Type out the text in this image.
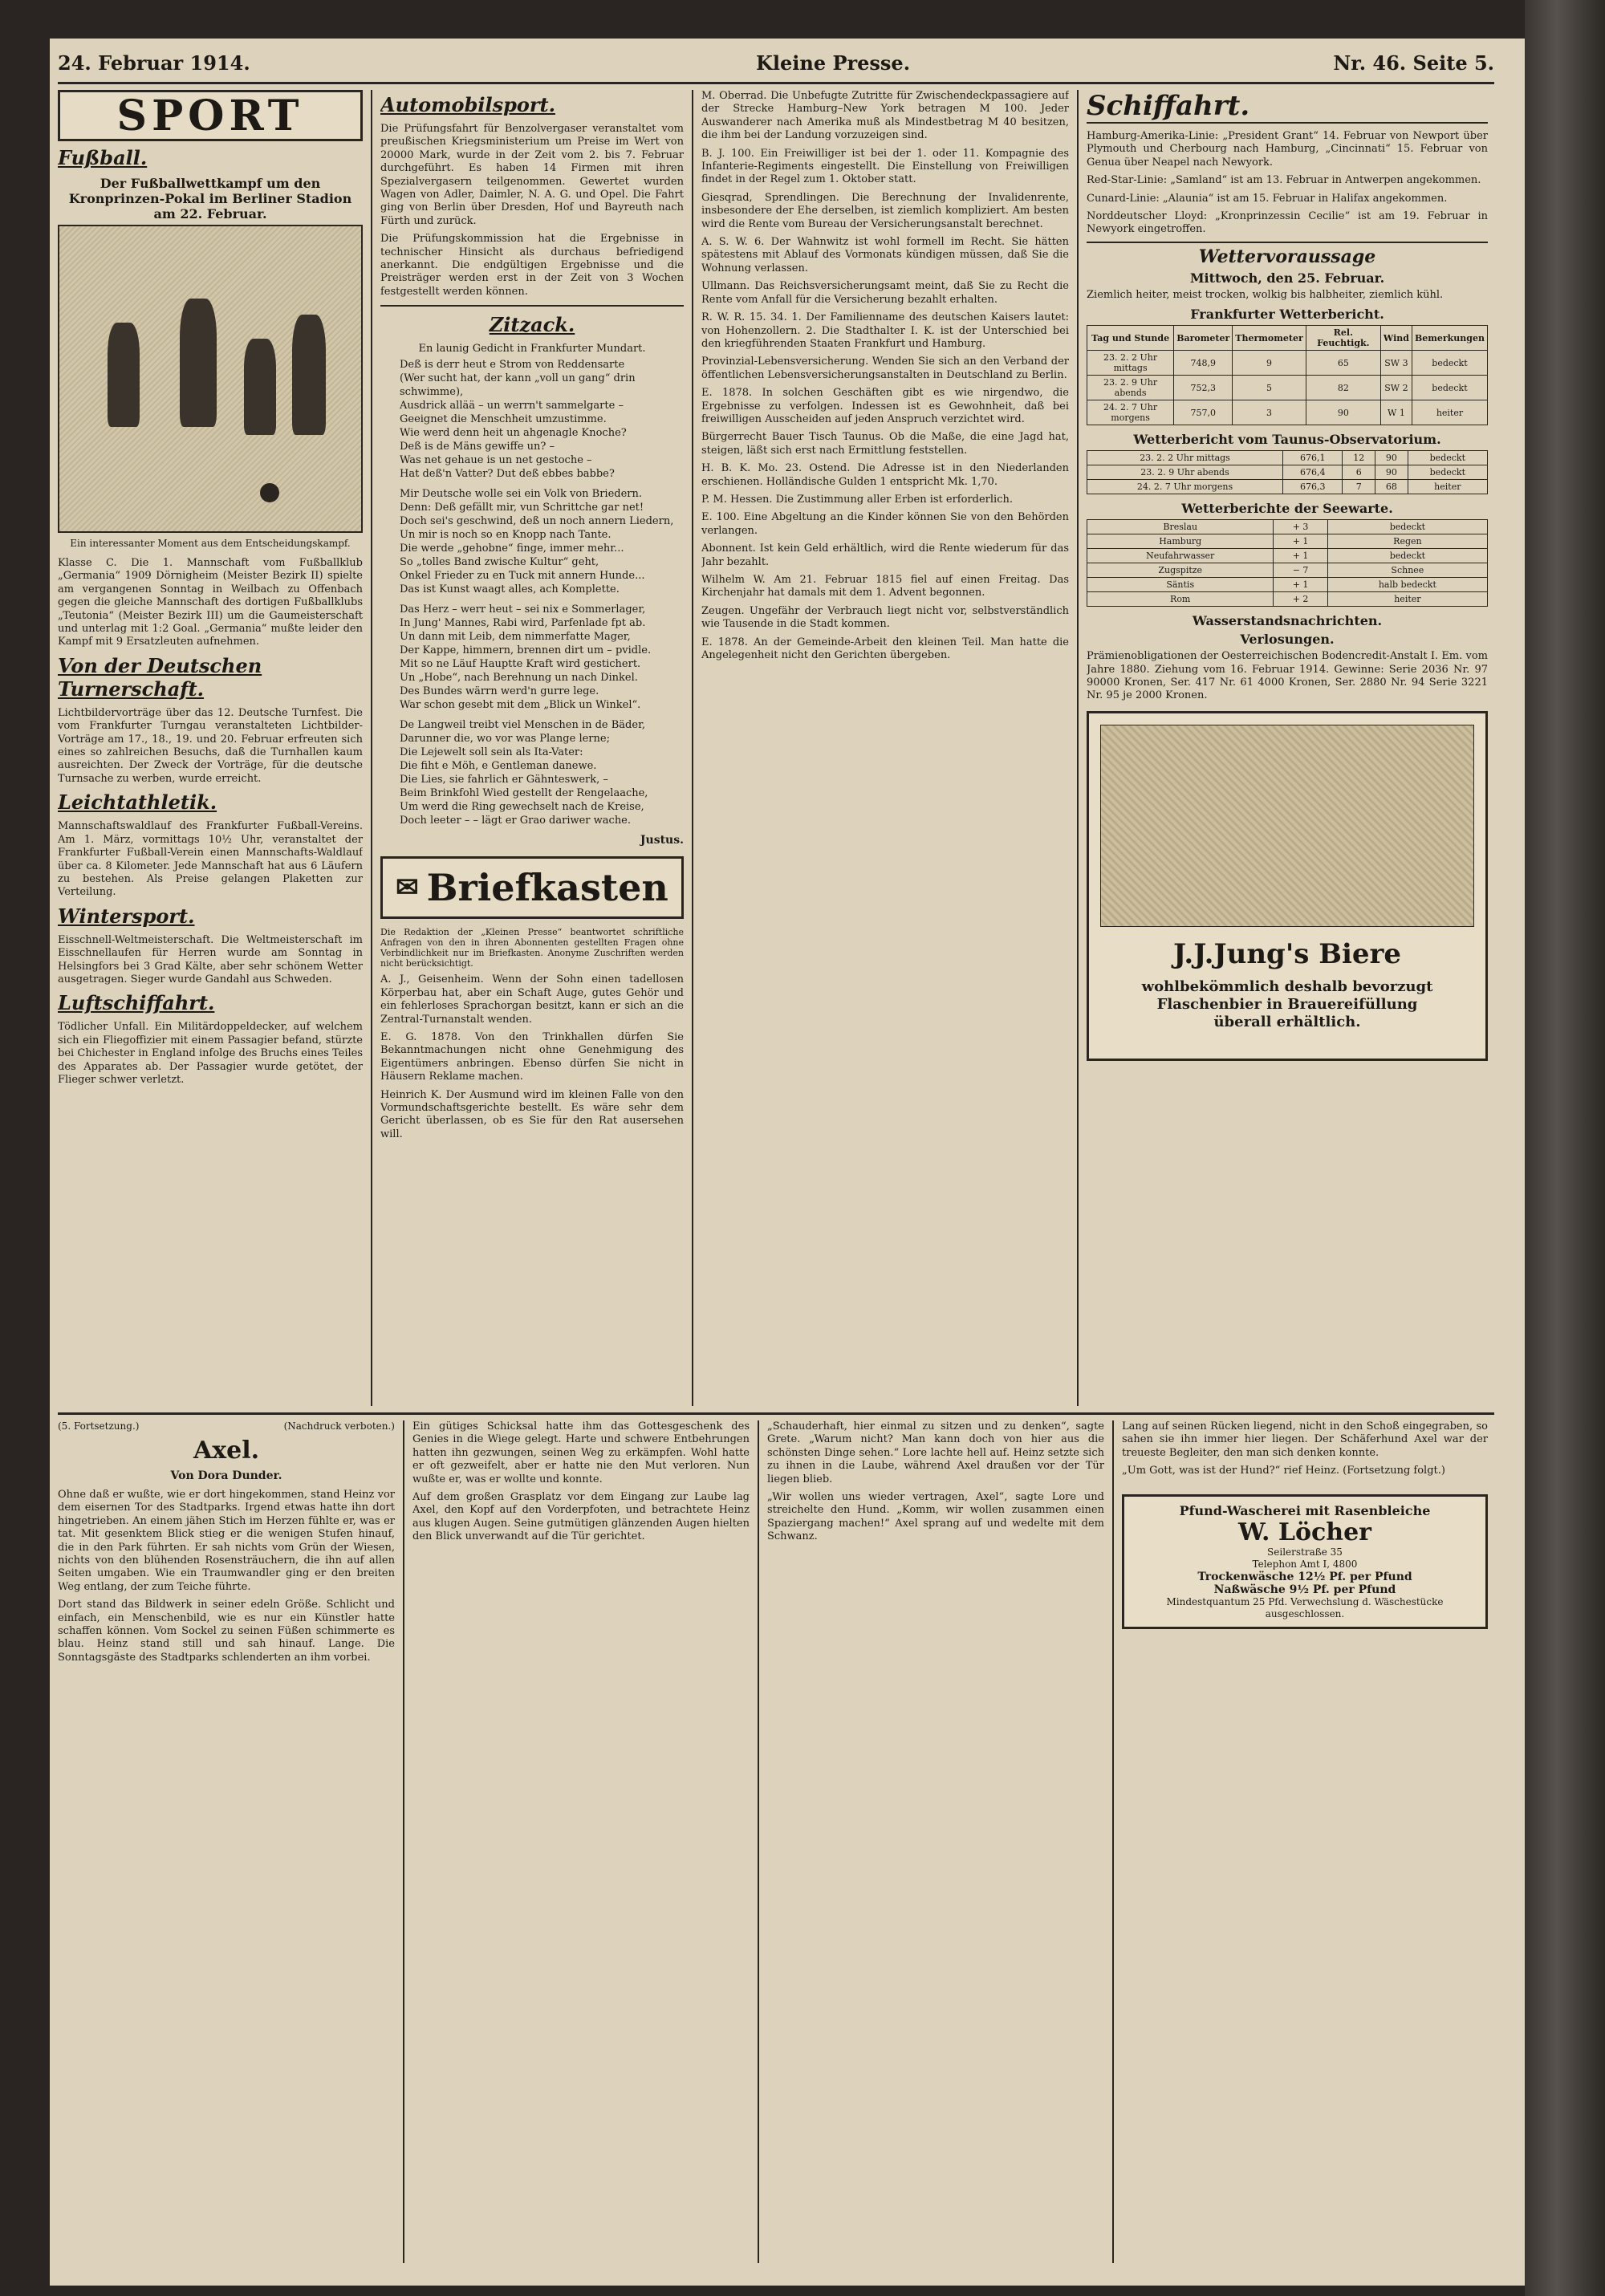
24. Februar 1914.	Kleine Presse.	Nr. 46. Seite 5.
SPORT
Fußball.
Der Fußballwettkampf um den Kronprinzen-Pokal im Berliner Stadion am 22. Februar.
Ein interessanter Moment aus dem Entscheidungskampf.

Klasse C. Die 1. Mannschaft vom Fußballklub „Germania“ 1909 Dörnigheim (Meister Bezirk II) spielte am vergangenen Sonntag in Weilbach zu Offenbach gegen die gleiche Mannschaft des dortigen Fußballklubs „Teutonia“ (Meister Bezirk III) um die Gaumeisterschaft und unterlag mit 1:2 Goal. „Germania“ mußte leider den Kampf mit 9 Ersatzleuten aufnehmen.

Von der Deutschen Turnerschaft.

Lichtbildervorträge über das 12. Deutsche Turnfest. Die vom Frankfurter Turngau veranstalteten Lichtbilder-Vorträge am 17., 18., 19. und 20. Februar erfreuten sich eines so zahlreichen Besuchs, daß die Turnhallen kaum ausreichten. Der Zweck der Vorträge, für die deutsche Turnsache zu werben, wurde erreicht.

Leichtathletik.

Mannschaftswaldlauf des Frankfurter Fußball-Vereins. Am 1. März, vormittags 10½ Uhr, veranstaltet der Frankfurter Fußball-Verein einen Mannschafts-Waldlauf über ca. 8 Kilometer. Jede Mannschaft hat aus 6 Läufern zu bestehen. Als Preise gelangen Plaketten zur Verteilung.

Wintersport.

Eisschnell-Weltmeisterschaft. Die Weltmeisterschaft im Eisschnellaufen für Herren wurde am Sonntag in Helsingfors bei 3 Grad Kälte, aber sehr schönem Wetter ausgetragen. Sieger wurde Gandahl aus Schweden.

Luftschiffahrt.

Tödlicher Unfall. Ein Militärdoppeldecker, auf welchem sich ein Fliegoffizier mit einem Passagier befand, stürzte bei Chichester in England infolge des Bruchs eines Teiles des Apparates ab. Der Passagier wurde getötet, der Flieger schwer verletzt.

Automobilsport.

Die Prüfungsfahrt für Benzolvergaser veranstaltet vom preußischen Kriegsministerium um Preise im Wert von 20000 Mark, wurde in der Zeit vom 2. bis 7. Februar durchgeführt. Es haben 14 Firmen mit ihren Spezialvergasern teilgenommen. Gewertet wurden Wagen von Adler, Daimler, N. A. G. und Opel. Die Fahrt ging von Berlin über Dresden, Hof und Bayreuth nach Fürth und zurück.

Die Prüfungskommission hat die Ergebnisse in technischer Hinsicht als durchaus befriedigend anerkannt. Die endgültigen Ergebnisse und die Preisträger werden erst in der Zeit von 3 Wochen festgestellt werden können.

Zitzack.
En launig Gedicht in Frankfurter Mundart.
Deß is derr heut e Strom von Reddensarte
(Wer sucht hat, der kann „voll un gang“ drin schwimme),
Ausdrick allää – un werrn't sammelgarte –
Geeignet die Menschheit umzustimme.
Wie werd denn heit un ahgenagle Knoche?
Deß is de Mäns gewiffe un? –
Was net gehaue is un net gestoche –
Hat deß'n Vatter? Dut deß ebbes babbe?
Mir Deutsche wolle sei ein Volk von Briedern.
Denn: Deß gefällt mir, vun Schrittche gar net!
Doch sei's geschwind, deß un noch annern Liedern,
Un mir is noch so en Knopp nach Tante.
Die werde „gehobne“ finge, immer mehr...
So „tolles Band zwische Kultur“ geht,
Onkel Frieder zu en Tuck mit annern Hunde...
Das ist Kunst waagt alles, ach Komplette.
Das Herz – werr heut – sei nix e Sommerlager,
In Jung' Mannes, Rabi wird, Parfenlade fpt ab.
Un dann mit Leib, dem nimmerfatte Mager,
Der Kappe, himmern, brennen dirt um – pvidle.
Mit so ne Läuf Hauptte Kraft wird gestichert.
Un „Hobe“, nach Berehnung un nach Dinkel.
Des Bundes wärrn werd'n gurre lege.
War schon gesebt mit dem „Blick un Winkel“.
De Langweil treibt viel Menschen in de Bäder,
Darunner die, wo vor was Plange lerne;
Die Lejewelt soll sein als Ita-Vater:
Die fiht e Möh, e Gentleman danewe.
Die Lies, sie fahrlich er Gähnteswerk, –
Beim Brinkfohl Wied gestellt der Rengelaache,
Um werd die Ring gewechselt nach de Kreise,
Doch leeter – – lägt er Grao dariwer wache.
Justus.
✉ Briefkasten

Die Redaktion der „Kleinen Presse“ beantwortet schriftliche Anfragen von den in ihren Abonnenten gestellten Fragen ohne Verbindlichkeit nur im Briefkasten. Anonyme Zuschriften werden nicht berücksichtigt.

A. J., Geisenheim. Wenn der Sohn einen tadellosen Körperbau hat, aber ein Schaft Auge, gutes Gehör und ein fehlerloses Sprachorgan besitzt, kann er sich an die Zentral-Turnanstalt wenden.

E. G. 1878. Von den Trinkhallen dürfen Sie Bekanntmachungen nicht ohne Genehmigung des Eigentümers anbringen. Ebenso dürfen Sie nicht in Häusern Reklame machen.

Heinrich K. Der Ausmund wird im kleinen Falle von den Vormundschaftsgerichte bestellt. Es wäre sehr dem Gericht überlassen, ob es Sie für den Rat ausersehen will.

M. Oberrad. Die Unbefugte Zutritte für Zwischendeckpassagiere auf der Strecke Hamburg–New York betragen M 100. Jeder Auswanderer nach Amerika muß als Mindestbetrag M 40 besitzen, die ihm bei der Landung vorzuzeigen sind.

B. J. 100. Ein Freiwilliger ist bei der 1. oder 11. Kompagnie des Infanterie-Regiments eingestellt. Die Einstellung von Freiwilligen findet in der Regel zum 1. Oktober statt.

Giesqrad, Sprendlingen. Die Berechnung der Invalidenrente, insbesondere der Ehe derselben, ist ziemlich kompliziert. Am besten wird die Rente vom Bureau der Versicherungsanstalt berechnet.

A. S. W. 6. Der Wahnwitz ist wohl formell im Recht. Sie hätten spätestens mit Ablauf des Vormonats kündigen müssen, daß Sie die Wohnung verlassen.

Ullmann. Das Reichsversicherungsamt meint, daß Sie zu Recht die Rente vom Anfall für die Versicherung bezahlt erhalten.

R. W. R. 15. 34. 1. Der Familienname des deutschen Kaisers lautet: von Hohenzollern. 2. Die Stadthalter I. K. ist der Unterschied bei den kriegführenden Staaten Frankfurt und Hamburg.

Provinzial-Lebensversicherung. Wenden Sie sich an den Verband der öffentlichen Lebensversicherungsanstalten in Deutschland zu Berlin.

E. 1878. In solchen Geschäften gibt es wie nirgendwo, die Ergebnisse zu verfolgen. Indessen ist es Gewohnheit, daß bei freiwilligen Ausscheiden auf jeden Anspruch verzichtet wird.

Bürgerrecht Bauer Tisch Taunus. Ob die Maße, die eine Jagd hat, steigen, läßt sich erst nach Ermittlung feststellen.

H. B. K. Mo. 23. Ostend. Die Adresse ist in den Niederlanden erschienen. Holländische Gulden 1 entspricht Mk. 1,70.

P. M. Hessen. Die Zustimmung aller Erben ist erforderlich.

E. 100. Eine Abgeltung an die Kinder können Sie von den Behörden verlangen.

Abonnent. Ist kein Geld erhältlich, wird die Rente wiederum für das Jahr bezahlt.

Wilhelm W. Am 21. Februar 1815 fiel auf einen Freitag. Das Kirchenjahr hat damals mit dem 1. Advent begonnen.

Zeugen. Ungefähr der Verbrauch liegt nicht vor, selbstverständlich wie Tausende in die Stadt kommen.

E. 1878. An der Gemeinde-Arbeit den kleinen Teil. Man hatte die Angelegenheit nicht den Gerichten übergeben.

Schiffahrt.

Hamburg-Amerika-Linie: „President Grant“ 14. Februar von Newport über Plymouth und Cherbourg nach Hamburg, „Cincinnati“ 15. Februar von Genua über Neapel nach Newyork.

Red-Star-Linie: „Samland“ ist am 13. Februar in Antwerpen angekommen.

Cunard-Linie: „Alaunia“ ist am 15. Februar in Halifax angekommen.

Norddeutscher Lloyd: „Kronprinzessin Cecilie“ ist am 19. Februar in Newyork eingetroffen.

Wettervoraussage
Mittwoch, den 25. Februar.

Ziemlich heiter, meist trocken, wolkig bis halbheiter, ziemlich kühl.

Frankfurter Wetterbericht.
Tag und Stunde	Barometer	Thermometer	Rel. Feuchtigk.	Wind	Bemerkungen
23. 2. 2 Uhr mittags	748,9	9	65	SW 3	bedeckt
23. 2. 9 Uhr abends	752,3	5	82	SW 2	bedeckt
24. 2. 7 Uhr morgens	757,0	3	90	W 1	heiter
Wetterbericht vom Taunus-Observatorium.
23. 2. 2 Uhr mittags	676,1	12	90	bedeckt
23. 2. 9 Uhr abends	676,4	6	90	bedeckt
24. 2. 7 Uhr morgens	676,3	7	68	heiter
Wetterberichte der Seewarte.
Breslau	+ 3	bedeckt
Hamburg	+ 1	Regen
Neufahrwasser	+ 1	bedeckt
Zugspitze	− 7	Schnee
Säntis	+ 1	halb bedeckt
Rom	+ 2	heiter
Wasserstandsnachrichten.
Verlosungen.

Prämienobligationen der Oesterreichischen Bodencredit-Anstalt I. Em. vom Jahre 1880. Ziehung vom 16. Februar 1914. Gewinne: Serie 2036 Nr. 97 90000 Kronen, Ser. 417 Nr. 61 4000 Kronen, Ser. 2880 Nr. 94 Serie 3221 Nr. 95 je 2000 Kronen.

J.J.Jung's Biere
wohlbekömmlich deshalb bevorzugt
Flaschenbier in Brauereifüllung
überall erhältlich.
(5. Fortsetzung.)	(Nachdruck verboten.)
Axel.
Von Dora Dunder.

Ohne daß er wußte, wie er dort hingekommen, stand Heinz vor dem eisernen Tor des Stadtparks. Irgend etwas hatte ihn dort hingetrieben. An einem jähen Stich im Herzen fühlte er, was er tat. Mit gesenktem Blick stieg er die wenigen Stufen hinauf, die in den Park führten. Er sah nichts vom Grün der Wiesen, nichts von den blühenden Rosensträuchern, die ihn auf allen Seiten umgaben. Wie ein Traumwandler ging er den breiten Weg entlang, der zum Teiche führte.

Dort stand das Bildwerk in seiner edeln Größe. Schlicht und einfach, ein Menschenbild, wie es nur ein Künstler hatte schaffen können. Vom Sockel zu seinen Füßen schimmerte es blau. Heinz stand still und sah hinauf. Lange. Die Sonntagsgäste des Stadtparks schlenderten an ihm vorbei.

Ein gütiges Schicksal hatte ihm das Gottesgeschenk des Genies in die Wiege gelegt. Harte und schwere Entbehrungen hatten ihn gezwungen, seinen Weg zu erkämpfen. Wohl hatte er oft gezweifelt, aber er hatte nie den Mut verloren. Nun wußte er, was er wollte und konnte.

Auf dem großen Grasplatz vor dem Eingang zur Laube lag Axel, den Kopf auf den Vorderpfoten, und betrachtete Heinz aus klugen Augen. Seine gutmütigen glänzenden Augen hielten den Blick unverwandt auf die Tür gerichtet.

„Schauderhaft, hier einmal zu sitzen und zu denken“, sagte Grete. „Warum nicht? Man kann doch von hier aus die schönsten Dinge sehen.“ Lore lachte hell auf. Heinz setzte sich zu ihnen in die Laube, während Axel draußen vor der Tür liegen blieb.

„Wir wollen uns wieder vertragen, Axel“, sagte Lore und streichelte den Hund. „Komm, wir wollen zusammen einen Spaziergang machen!“ Axel sprang auf und wedelte mit dem Schwanz.

Lang auf seinen Rücken liegend, nicht in den Schoß eingegraben, so sahen sie ihn immer hier liegen. Der Schäferhund Axel war der treueste Begleiter, den man sich denken konnte.

„Um Gott, was ist der Hund?“ rief Heinz. (Fortsetzung folgt.)

Pfund-Wascherei mit Rasenbleiche
W. Löcher
Seilerstraße 35
Telephon Amt I, 4800
Trockenwäsche 12½ Pf. per Pfund
Naßwäsche 9½ Pf. per Pfund
Mindestquantum 25 Pfd. Verwechslung d. Wäschestücke ausgeschlossen.
